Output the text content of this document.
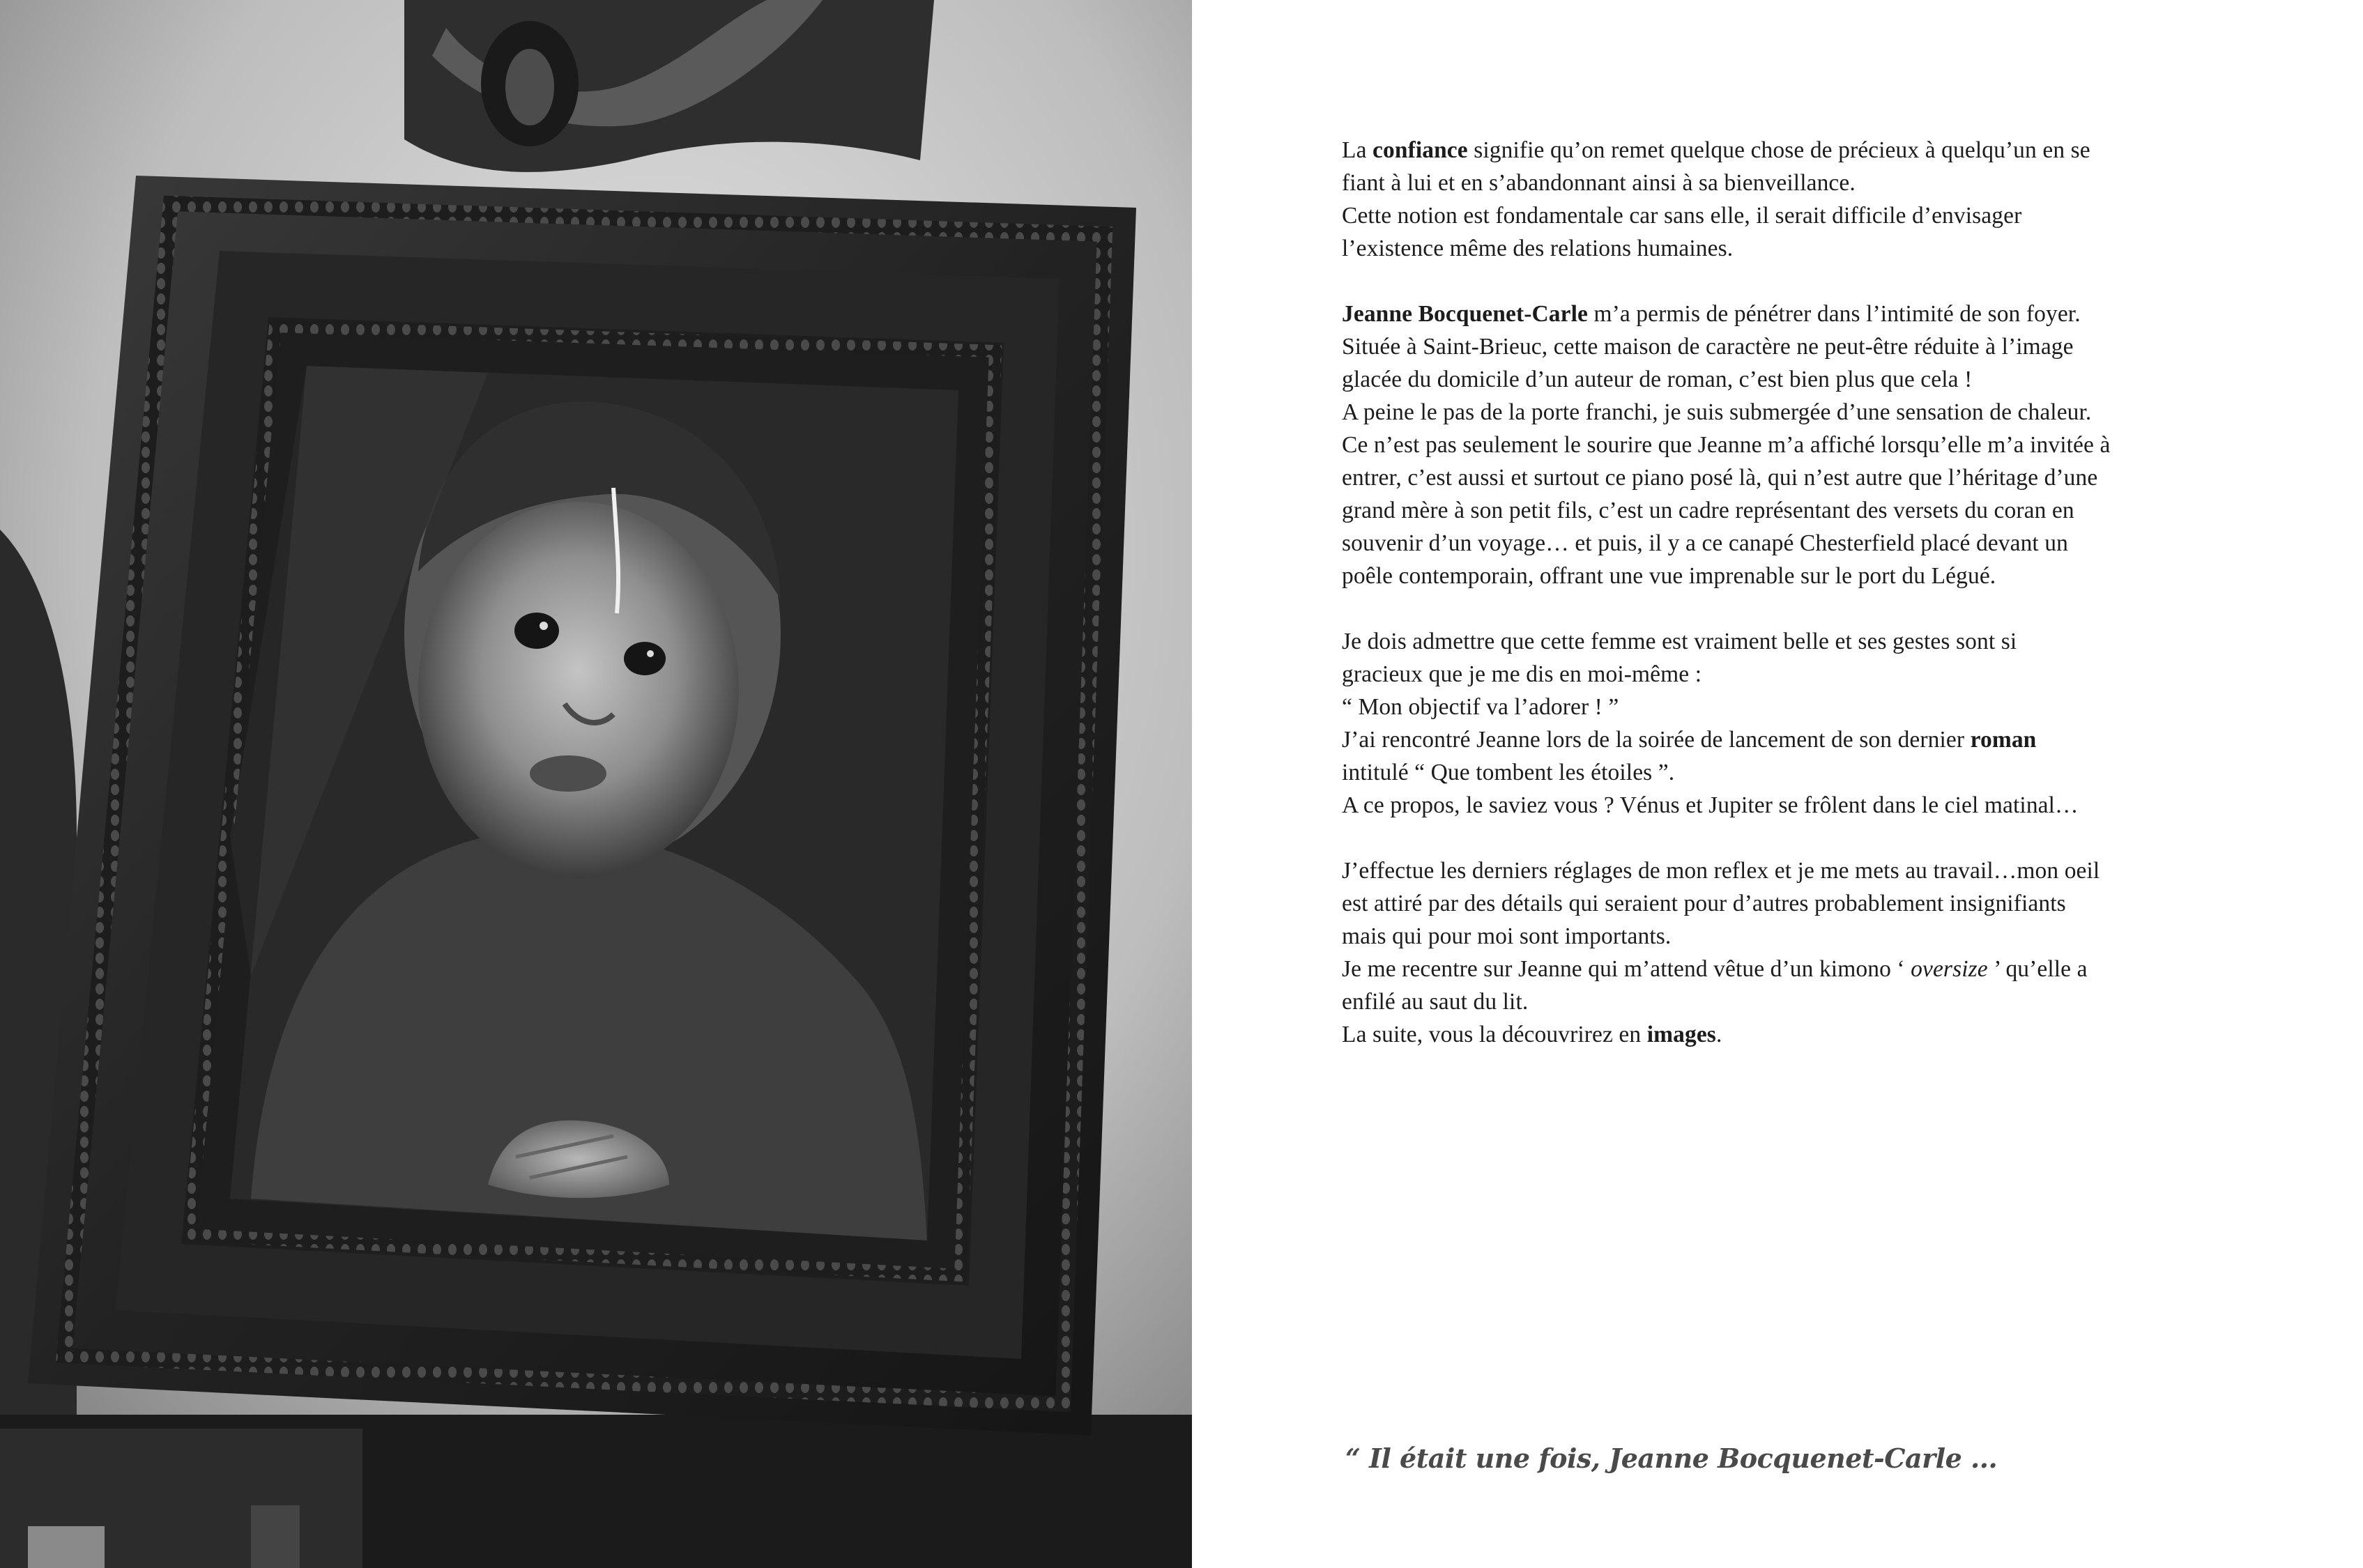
La confiance signifie qu’on remet quelque chose de précieux à quelqu’un en se
fiant à lui et en s’abandonnant ainsi à sa bienveillance.
Cette notion est fondamentale car sans elle, il serait difficile d’envisager
l’existence même des relations humaines.

Jeanne Bocquenet-Carle m’a permis de pénétrer dans l’intimité de son foyer.
Située à Saint-Brieuc, cette maison de caractère ne peut-être réduite à l’image
glacée du domicile d’un auteur de roman, c’est bien plus que cela !
A peine le pas de la porte franchi, je suis submergée d’une sensation de chaleur.
Ce n’est pas seulement le sourire que Jeanne m’a affiché lorsqu’elle m’a invitée à
entrer, c’est aussi et surtout ce piano posé là, qui n’est autre que l’héritage d’une
grand mère à son petit fils, c’est un cadre représentant des versets du coran en
souvenir d’un voyage… et puis, il y a ce canapé Chesterfield placé devant un
poêle contemporain, offrant une vue imprenable sur le port du Légué.

Je dois admettre que cette femme est vraiment belle et ses gestes sont si
gracieux que je me dis en moi-même :
“ Mon objectif va l’adorer ! ”
J’ai rencontré Jeanne lors de la soirée de lancement de son dernier roman
intitulé “ Que tombent les étoiles ”.
A ce propos, le saviez vous ? Vénus et Jupiter se frôlent dans le ciel matinal…

J’effectue les derniers réglages de mon reflex et je me mets au travail…mon oeil
est attiré par des détails qui seraient pour d’autres probablement insignifiants
mais qui pour moi sont importants.
Je me recentre sur Jeanne qui m’attend vêtue d’un kimono ‘ oversize ’ qu’elle a
enfilé au saut du lit.
La suite, vous la découvrirez en images.

“ Il était une fois, Jeanne Bocquenet-Carle ...
